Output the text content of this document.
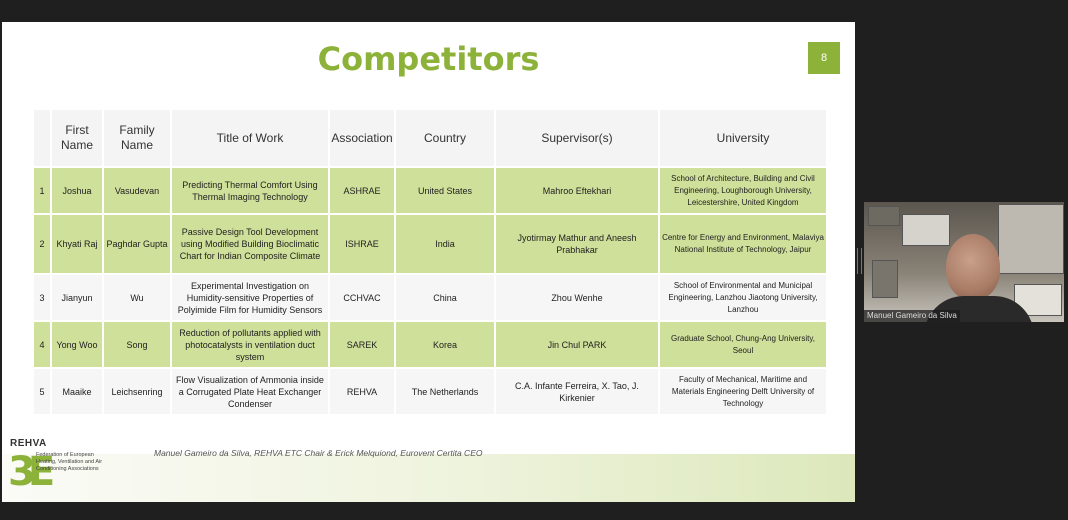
Competitors	8
	First Name	Family Name	Title of Work	Association	Country	Supervisor(s)	University
1	Joshua	Vasudevan	Predicting Thermal Comfort Using Thermal Imaging Technology	ASHRAE	United States	Mahroo Eftekhari	School of Architecture, Building and Civil Engineering, Loughborough University, Leicestershire, United Kingdom
2	Khyati Raj	Paghdar Gupta	Passive Design Tool Development using Modified Building Bioclimatic Chart for Indian Composite Climate	ISHRAE	India	Jyotirmay Mathur and Aneesh Prabhakar	Centre for Energy and Environment, Malaviya National Institute of Technology, Jaipur
3	Jianyun	Wu	Experimental Investigation on Humidity-sensitive Properties of Polyimide Film for Humidity Sensors	CCHVAC	China	Zhou Wenhe	School of Environmental and Municipal Engineering, Lanzhou Jiaotong University, Lanzhou
4	Yong Woo	Song	Reduction of pollutants applied with photocatalysts in ventilation duct system	SAREK	Korea	Jin Chul PARK	Graduate School, Chung-Ang University, Seoul
5	Maaike	Leichsenring	Flow Visualization of Ammonia inside a Corrugated Plate Heat Exchanger Condenser	REHVA	The Netherlands	C.A. Infante Ferreira, X. Tao, J. Kirkenier	Faculty of Mechanical, Maritime and Materials Engineering Delft University of Technology
REHVA
3E
Federation of European Heating, Ventilation and Air Conditioning Associations
Manuel Gameiro da Silva, REHVA ETC Chair & Erick Melquiond, Eurovent Certita CEO
Manuel Gameiro da Silva
